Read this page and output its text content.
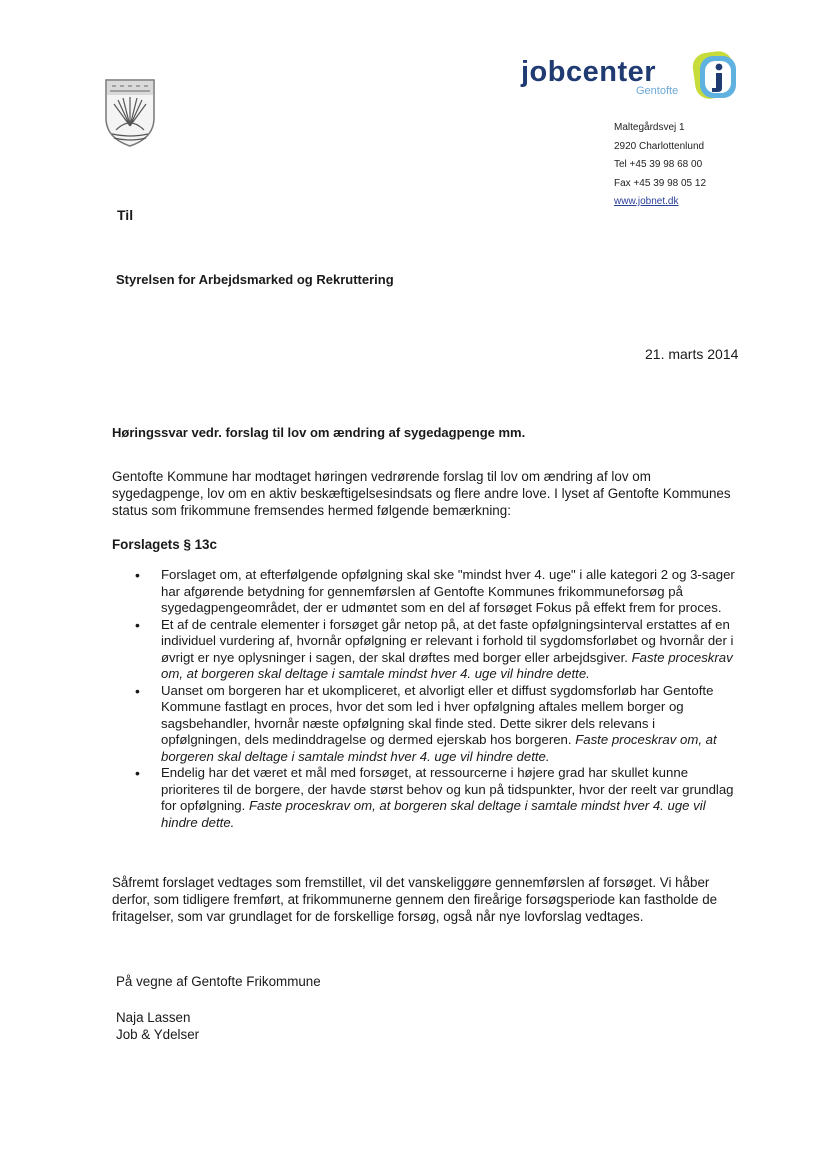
jobcenter
Gentofte
Maltegårdsvej 1
2920 Charlottenlund
Tel +45 39 98 68 00
Fax +45 39 98 05 12
www.jobnet.dk
Til
Styrelsen for Arbejdsmarked og Rekruttering
21. marts 2014
Høringssvar vedr. forslag til lov om ændring af sygedagpenge mm.
Gentofte Kommune har modtaget høringen vedrørende forslag til lov om ændring af lov om sygedagpenge, lov om en aktiv beskæftigelsesindsats og flere andre love. I lyset af Gentofte Kommunes status som frikommune fremsendes hermed følgende bemærkning:
Forslagets § 13c
• Forslaget om, at efterfølgende opfølgning skal ske "mindst hver 4. uge" i alle kategori 2 og 3-sager har afgørende betydning for gennemførslen af Gentofte Kommunes frikommuneforsøg på sygedagpengeområdet, der er udmøntet som en del af forsøget Fokus på effekt frem for proces.
• Et af de centrale elementer i forsøget går netop på, at det faste opfølgningsinterval erstattes af en individuel vurdering af, hvornår opfølgning er relevant i forhold til sygdomsforløbet og hvornår der i øvrigt er nye oplysninger i sagen, der skal drøftes med borger eller arbejdsgiver. Faste proceskrav om, at borgeren skal deltage i samtale mindst hver 4. uge vil hindre dette.
• Uanset om borgeren har et ukompliceret, et alvorligt eller et diffust sygdomsforløb har Gentofte Kommune fastlagt en proces, hvor det som led i hver opfølgning aftales mellem borger og sagsbehandler, hvornår næste opfølgning skal finde sted. Dette sikrer dels relevans i opfølgningen, dels medinddragelse og dermed ejerskab hos borgeren. Faste proceskrav om, at borgeren skal deltage i samtale mindst hver 4. uge vil hindre dette.
• Endelig har det været et mål med forsøget, at ressourcerne i højere grad har skullet kunne prioriteres til de borgere, der havde størst behov og kun på tidspunkter, hvor der reelt var grundlag for opfølgning. Faste proceskrav om, at borgeren skal deltage i samtale mindst hver 4. uge vil hindre dette.
Såfremt forslaget vedtages som fremstillet, vil det vanskeliggøre gennemførslen af forsøget. Vi håber derfor, som tidligere fremført, at frikommunerne gennem den fireårige forsøgsperiode kan fastholde de fritagelser, som var grundlaget for de forskellige forsøg, også når nye lovforslag vedtages.
På vegne af Gentofte Frikommune
Naja Lassen
Job & Ydelser
